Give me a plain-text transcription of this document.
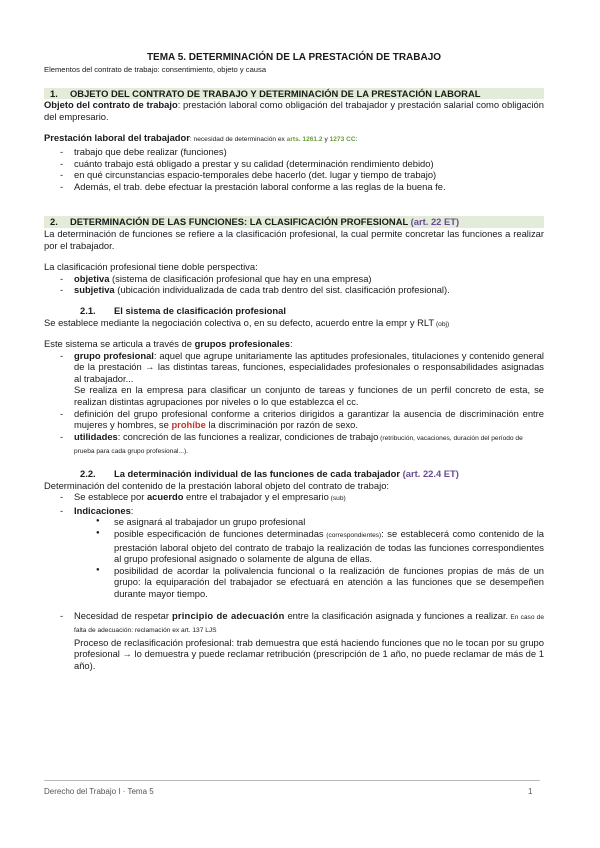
TEMA 5. DETERMINACIÓN DE LA PRESTACIÓN DE TRABAJO

Elementos del contrato de trabajo: consentimiento, objeto y causa

1. OBJETO DEL CONTRATO DE TRABAJO Y DETERMINACIÓN DE LA PRESTACIÓN LABORAL

Objeto del contrato de trabajo: prestación laboral como obligación del trabajador y prestación salarial como obligación del empresario.

Prestación laboral del trabajador: necesidad de determinación ex arts. 1261.2 y 1273 CC:

- trabajo que debe realizar (funciones)
- cuánto trabajo está obligado a prestar y su calidad (determinación rendimiento debido)
- en qué circunstancias espacio-temporales debe hacerlo (det. lugar y tiempo de trabajo)
- Además, el trab. debe efectuar la prestación laboral conforme a las reglas de la buena fe.

2. DETERMINACIÓN DE LAS FUNCIONES: LA CLASIFICACIÓN PROFESIONAL (art. 22 ET)

La determinación de funciones se refiere a la clasificación profesional, la cual permite concretar las funciones a realizar por el trabajador.

La clasificación profesional tiene doble perspectiva:

- objetiva (sistema de clasificación profesional que hay en una empresa)
- subjetiva (ubicación individualizada de cada trab dentro del sist. clasificación profesional).

2.1. El sistema de clasificación profesional

Se establece mediante la negociación colectiva o, en su defecto, acuerdo entre la empr y RLT (obj)

Este sistema se articula a través de grupos profesionales:

- grupo profesional: aquel que agrupe unitariamente las aptitudes profesionales, titulaciones y contenido general de la prestación → las distintas tareas, funciones, especialidades profesionales o responsabilidades asignadas al trabajador...
Se realiza en la empresa para clasificar un conjunto de tareas y funciones de un perfil concreto de esta, se realizan distintas agrupaciones por niveles o lo que establezca el cc.
- definición del grupo profesional conforme a criterios dirigidos a garantizar la ausencia de discriminación entre mujeres y hombres, se prohíbe la discriminación por razón de sexo.
- utilidades: concreción de las funciones a realizar, condiciones de trabajo (retribución, vacaciones, duración del período de prueba para cada grupo profesional...).

2.2. La determinación individual de las funciones de cada trabajador (art. 22.4 ET)

Determinación del contenido de la prestación laboral objeto del contrato de trabajo:

- Se establece por acuerdo entre el trabajador y el empresario (sub)
- Indicaciones:
● se asignará al trabajador un grupo profesional
● posible especificación de funciones determinadas (correspondientes): se establecerá como contenido de la prestación laboral objeto del contrato de trabajo la realización de todas las funciones correspondientes al grupo profesional asignado o solamente de alguna de ellas.
● posibilidad de acordar la polivalencia funcional o la realización de funciones propias de más de un grupo: la equiparación del trabajador se efectuará en atención a las funciones que se desempeñen durante mayor tiempo.
- Necesidad de respetar principio de adecuación entre la clasificación asignada y funciones a realizar. En caso de falta de adecuación: reclamación ex art. 137 LJS
Proceso de reclasificación profesional: trab demuestra que está haciendo funciones que no le tocan por su grupo profesional → lo demuestra y puede reclamar retribución (prescripción de 1 año, no puede reclamar de más de 1 año).
Derecho del Trabajo I · Tema 5	1
